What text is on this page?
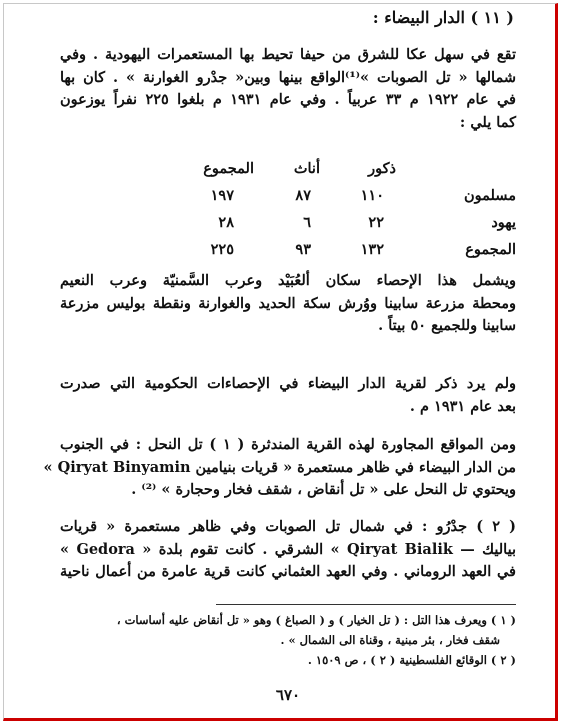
( ١١ ) الدار البيضاء :
تقع في سهل عكا للشرق من حيفا تحيط بها المستعمرات اليهودية . وفي
شمالها « تل الصوبات »⁽¹⁾الواقع بينها وبين« جدْرو الغوارنة » . كان بها
في عام ١٩٢٢ م ٣٣ عربياً . وفي عام ١٩٣١ م بلغوا ٢٢٥ نفراً يوزعون
كما يلي :
ذكور
أناث
المجموع
مسلمون
١١٠
٨٧
١٩٧
يهود
٢٢
٦
٢٨
المجموع
١٣٢
٩٣
٢٢٥
ويشمل هذا الإحصاء سكان ألعُبَيْد وعرب السَّمنيّة وعرب النعيم
ومحطة مزرعة سابينا ووُرش سكة الحديد والغوارنة ونقطة بوليس مزرعة
سابينا وللجميع ٥٠ بيتاً .
ولم يرد ذكر لقرية الدار البيضاء في الإحصاءات الحكومية التي صدرت
بعد عام ١٩٣١ م .
ومن المواقع المجاورة لهذه القرية المندثرة ( ١ ) تل النحل : في الجنوب
من الدار البيضاء في ظاهر مستعمرة « قريات بنيامين Qiryat Binyamin »
ويحتوي تل النحل على « تل أنقاض ، شقف فخار وحجارة » ⁽²⁾ .
( ٢ ) جدْرُو : في شمال تل الصوبات وفي ظاهر مستعمرة « قريات
بياليك — Qiryat Bialik » الشرقي . كانت تقوم بلدة « Gedora »
في العهد الروماني . وفي العهد العثماني كانت قرية عامرة من أعمال ناحية
( ١ ) ويعرف هذا التل : ( تل الخيار ) و ( الصباغ ) وهو « تل أنقاض عليه أساسات ،
شقف فخار ، بئر مبنية ، وقناة الى الشمال » .
( ٢ ) الوقائع الفلسطينية ( ٢ ) ، ص ١٥٠٩ .
٦٧٠
